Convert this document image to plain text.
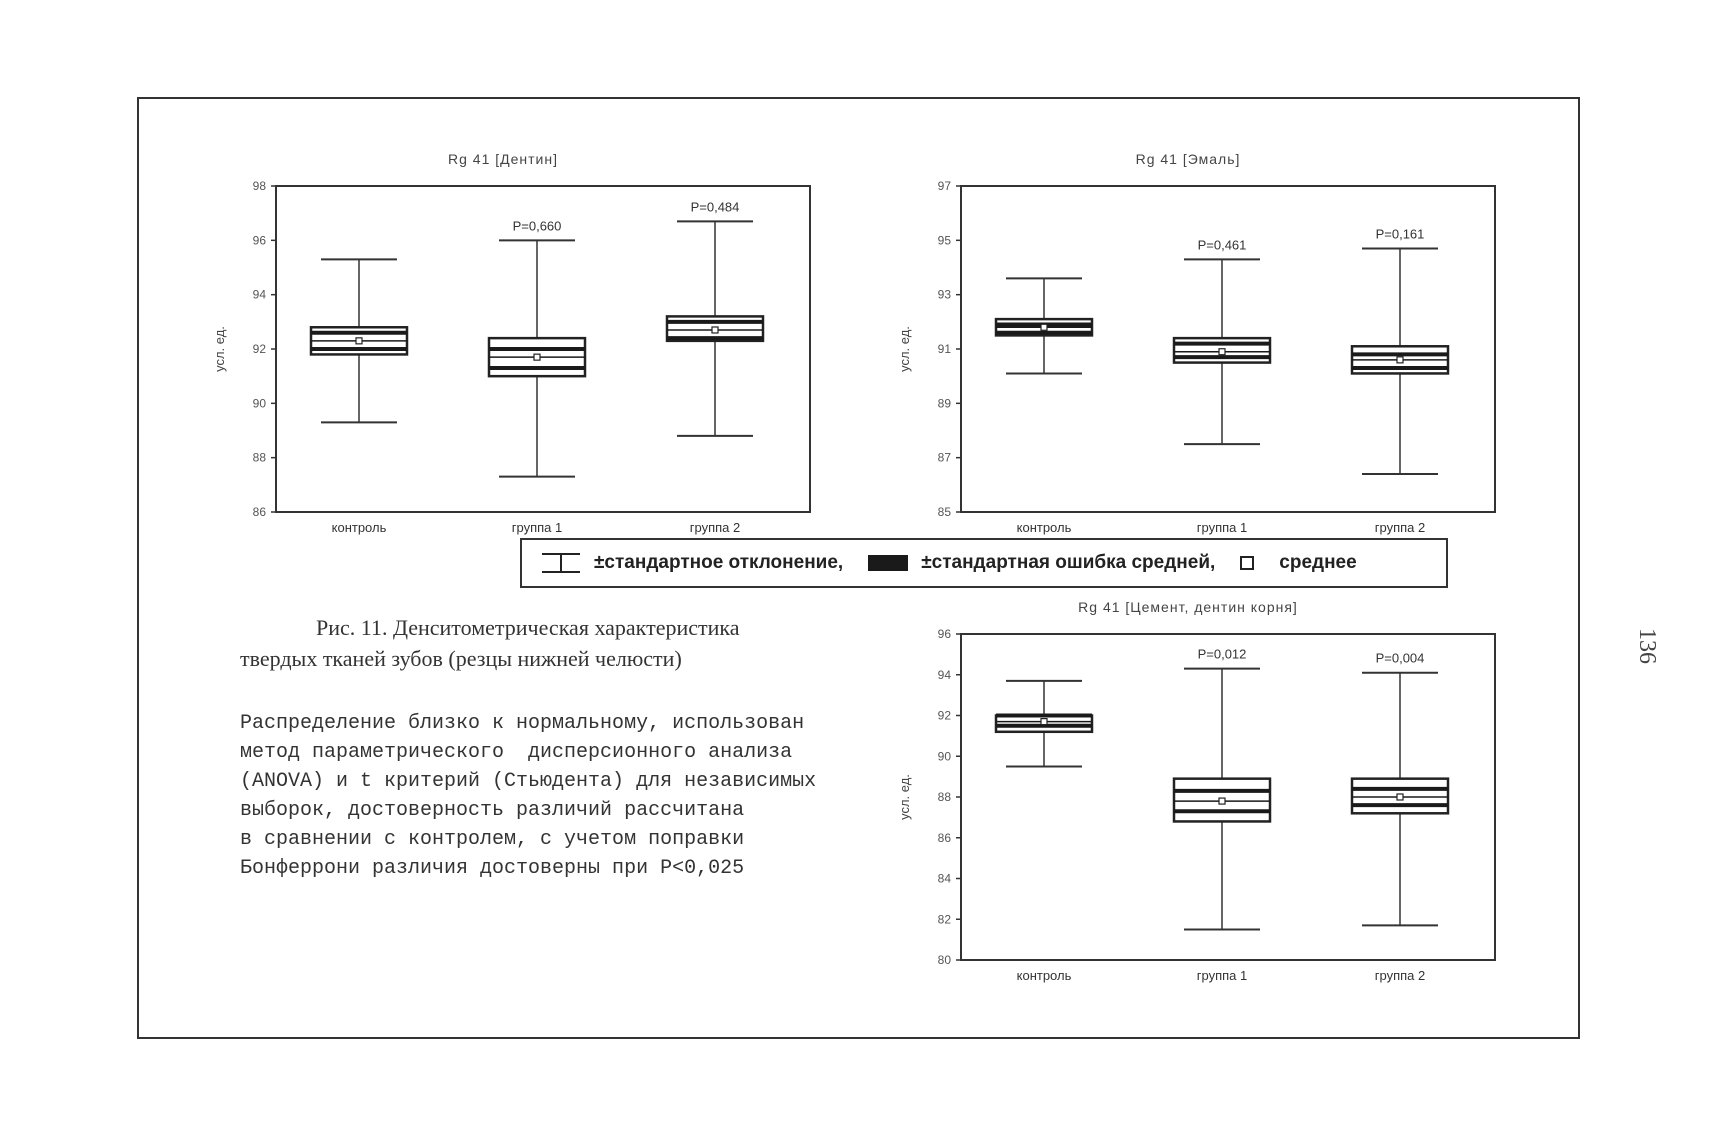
Rg 41 [Дентин]
86
88
90
92
94
96
98
усл. ед.
контроль
P=0,660
группа 1
P=0,484
группа 2
Rg 41 [Эмаль]
85
87
89
91
93
95
97
усл. ед.
контроль
P=0,461
группа 1
P=0,161
группа 2
Rg 41 [Цемент, дентин корня]
80
82
84
86
88
90
92
94
96
усл. ед.
контроль
P=0,012
группа 1
P=0,004
группа 2
±стандартное отклонение,	±стандартная ошибка средней,	среднее
Рис. 11. Денситометрическая характеристика
твердых тканей зубов (резцы нижней челюсти)

Распределение близко к нормальному, использован
метод параметрического  дисперсионного анализа
(ANOVA) и t критерий (Стьюдента) для независимых
выборок, достоверность различий рассчитана
в сравнении с контролем, с учетом поправки
Бонферрони различия достоверны при P<0,025

136
